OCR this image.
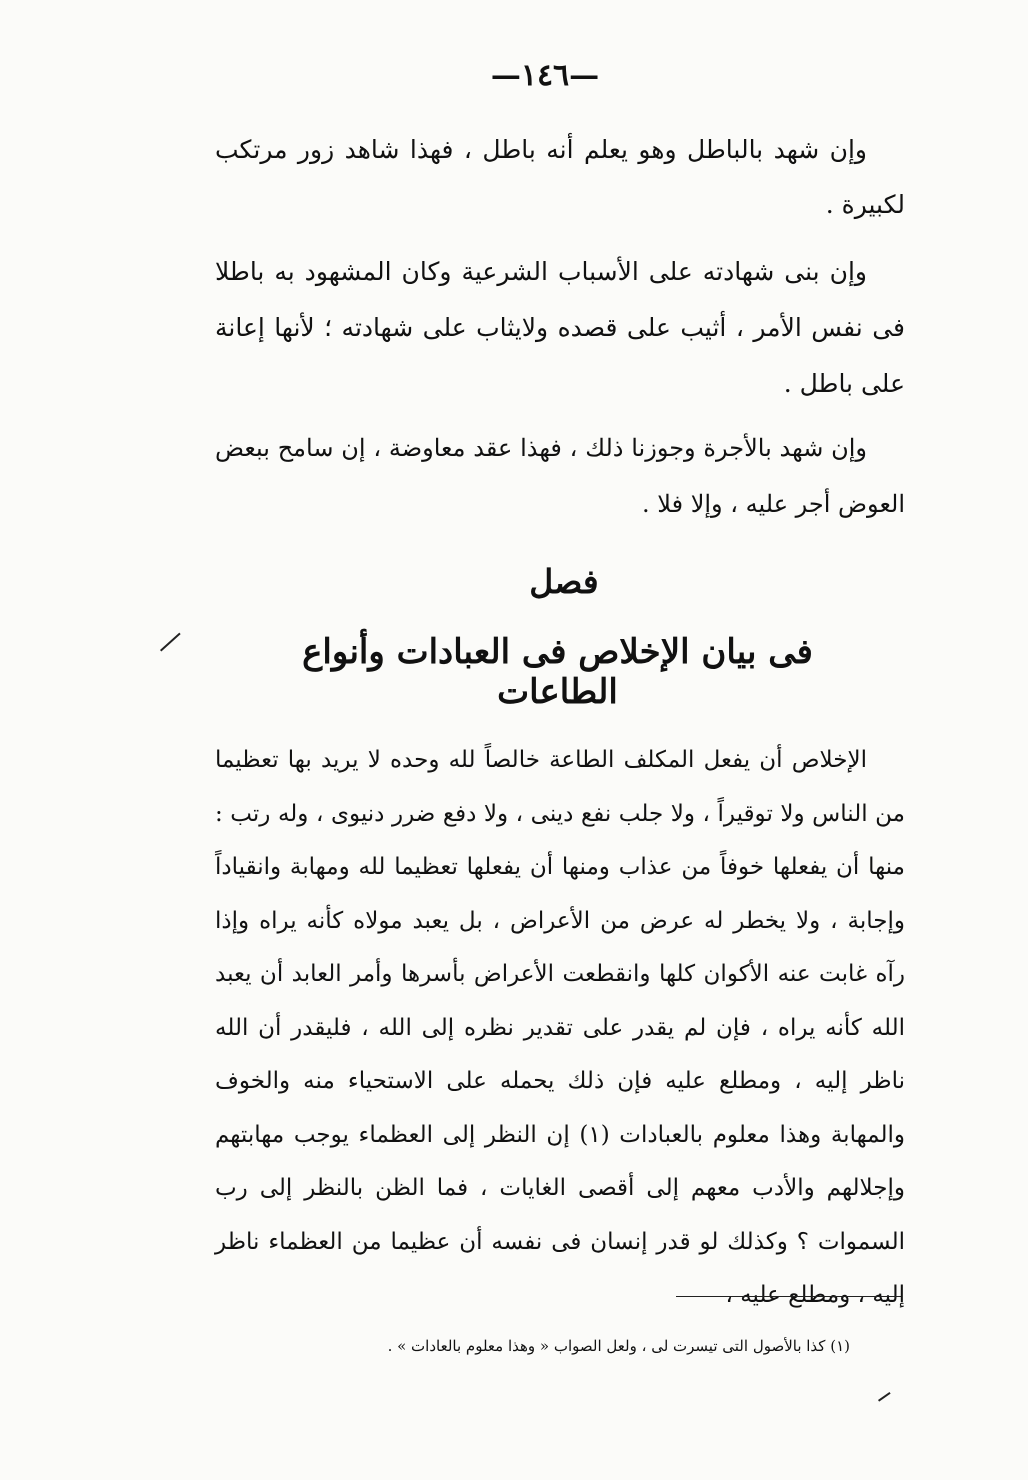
—١٤٦—

وإن شهد بالباطل وهو يعلم أنه باطل ، فهذا شاهد زور مرتكب لكبيرة .

وإن بنى شهادته على الأسباب الشرعية وكان المشهود به باطلا فى نفس الأمر ، أثيب على قصده ولايثاب على شهادته ؛ لأنها إعانة على باطل .

وإن شهد بالأجرة وجوزنا ذلك ، فهذا عقد معاوضة ، إن سامح ببعض العوض أجر عليه ، وإلا فلا .

فصل
فى بيان الإخلاص فى العبادات وأنواع الطاعات

الإخلاص أن يفعل المكلف الطاعة خالصاً لله وحده لا يريد بها تعظيما من الناس ولا توقيراً ، ولا جلب نفع دينى ، ولا دفع ضرر دنيوى ، وله رتب : منها أن يفعلها خوفاً من عذاب ومنها أن يفعلها تعظيما لله ومهابة وانقياداً وإجابة ، ولا يخطر له عرض من الأعراض ، بل يعبد مولاه كأنه يراه وإذا رآه غابت عنه الأكوان كلها وانقطعت الأعراض بأسرها وأمر العابد أن يعبد الله كأنه يراه ، فإن لم يقدر على تقدير نظره إلى الله ، فليقدر أن الله ناظر إليه ، ومطلع عليه فإن ذلك يحمله على الاستحياء منه والخوف والمهابة وهذا معلوم بالعبادات (١) إن النظر إلى العظماء يوجب مهابتهم وإجلالهم والأدب معهم إلى أقصى الغايات ، فما الظن بالنظر إلى رب السموات ؟ وكذلك لو قدر إنسان فى نفسه أن عظيما من العظماء ناظر إليه ، ومطلع عليه ،

(١) كذا بالأصول التى تيسرت لى ، ولعل الصواب « وهذا معلوم بالعادات » .
